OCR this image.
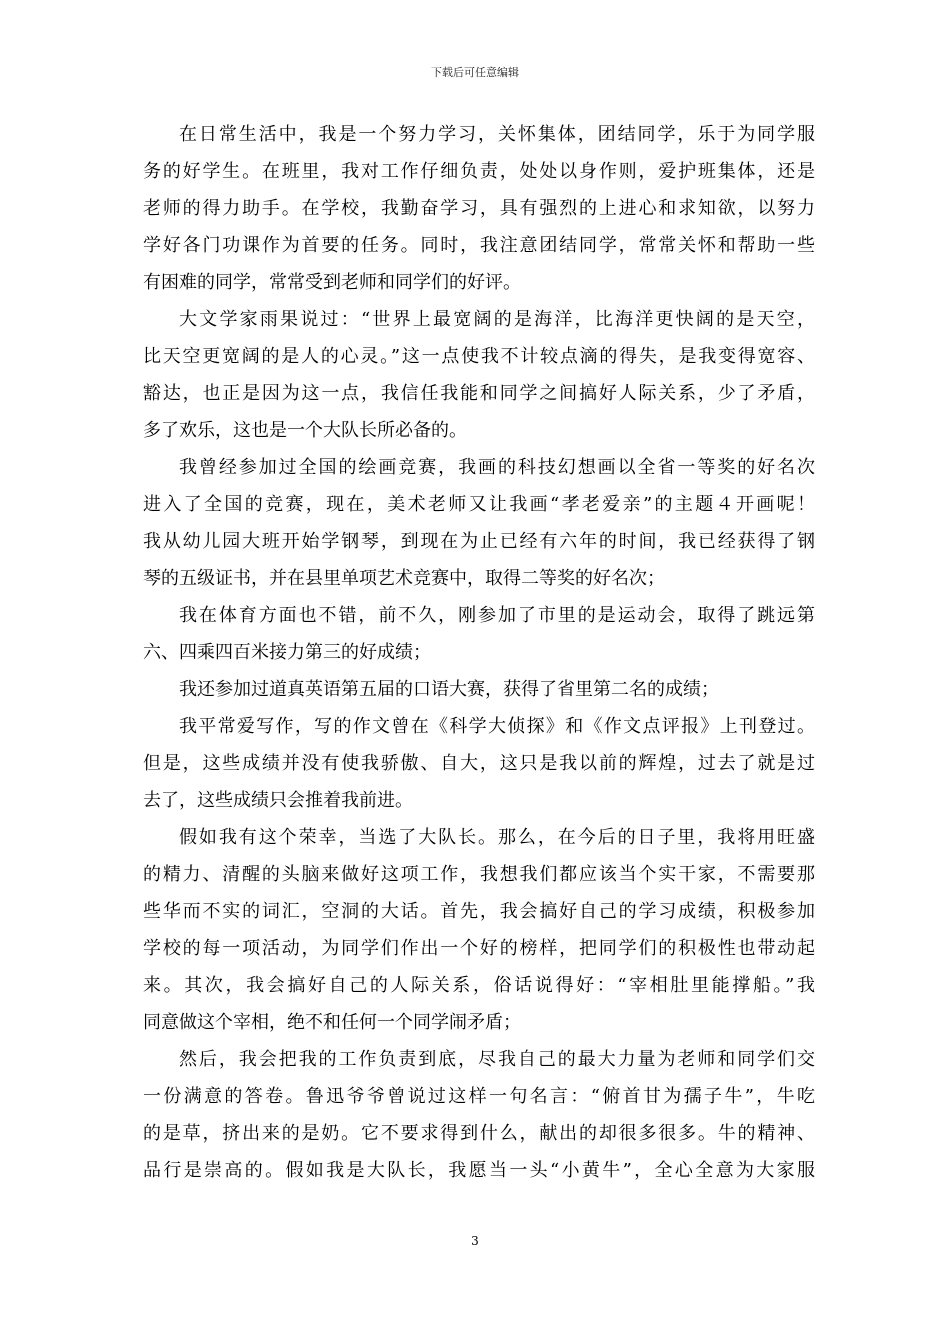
下载后可任意编辑
在日常生活中，我是一个努力学习，关怀集体，团结同学，乐于为同学服
务的好学生。在班里，我对工作仔细负责，处处以身作则，爱护班集体，还是
老师的得力助手。在学校，我勤奋学习，具有强烈的上进心和求知欲，以努力
学好各门功课作为首要的任务。同时，我注意团结同学，常常关怀和帮助一些
有困难的同学，常常受到老师和同学们的好评。
大文学家雨果说过：“世界上最宽阔的是海洋，比海洋更快阔的是天空，
比天空更宽阔的是人的心灵。”这一点使我不计较点滴的得失，是我变得宽容、
豁达，也正是因为这一点，我信任我能和同学之间搞好人际关系，少了矛盾，
多了欢乐，这也是一个大队长所必备的。
我曾经参加过全国的绘画竞赛，我画的科技幻想画以全省一等奖的好名次
进入了全国的竞赛，现在，美术老师又让我画“孝老爱亲”的主题４开画呢！
我从幼儿园大班开始学钢琴，到现在为止已经有六年的时间，我已经获得了钢
琴的五级证书，并在县里单项艺术竞赛中，取得二等奖的好名次；
我在体育方面也不错，前不久，刚参加了市里的是运动会，取得了跳远第
六、四乘四百米接力第三的好成绩；
我还参加过道真英语第五届的口语大赛，获得了省里第二名的成绩；
我平常爱写作，写的作文曾在《科学大侦探》和《作文点评报》上刊登过。
但是，这些成绩并没有使我骄傲、自大，这只是我以前的辉煌，过去了就是过
去了，这些成绩只会推着我前进。
假如我有这个荣幸，当选了大队长。那么，在今后的日子里，我将用旺盛
的精力、清醒的头脑来做好这项工作，我想我们都应该当个实干家，不需要那
些华而不实的词汇，空洞的大话。首先，我会搞好自己的学习成绩，积极参加
学校的每一项活动，为同学们作出一个好的榜样，把同学们的积极性也带动起
来。其次，我会搞好自己的人际关系，俗话说得好：“宰相肚里能撑船。”我
同意做这个宰相，绝不和任何一个同学闹矛盾；
然后，我会把我的工作负责到底，尽我自己的最大力量为老师和同学们交
一份满意的答卷。鲁迅爷爷曾说过这样一句名言：“俯首甘为孺子牛”，牛吃
的是草，挤出来的是奶。它不要求得到什么，献出的却很多很多。牛的精神、
品行是崇高的。假如我是大队长，我愿当一头“小黄牛”，全心全意为大家服
3
